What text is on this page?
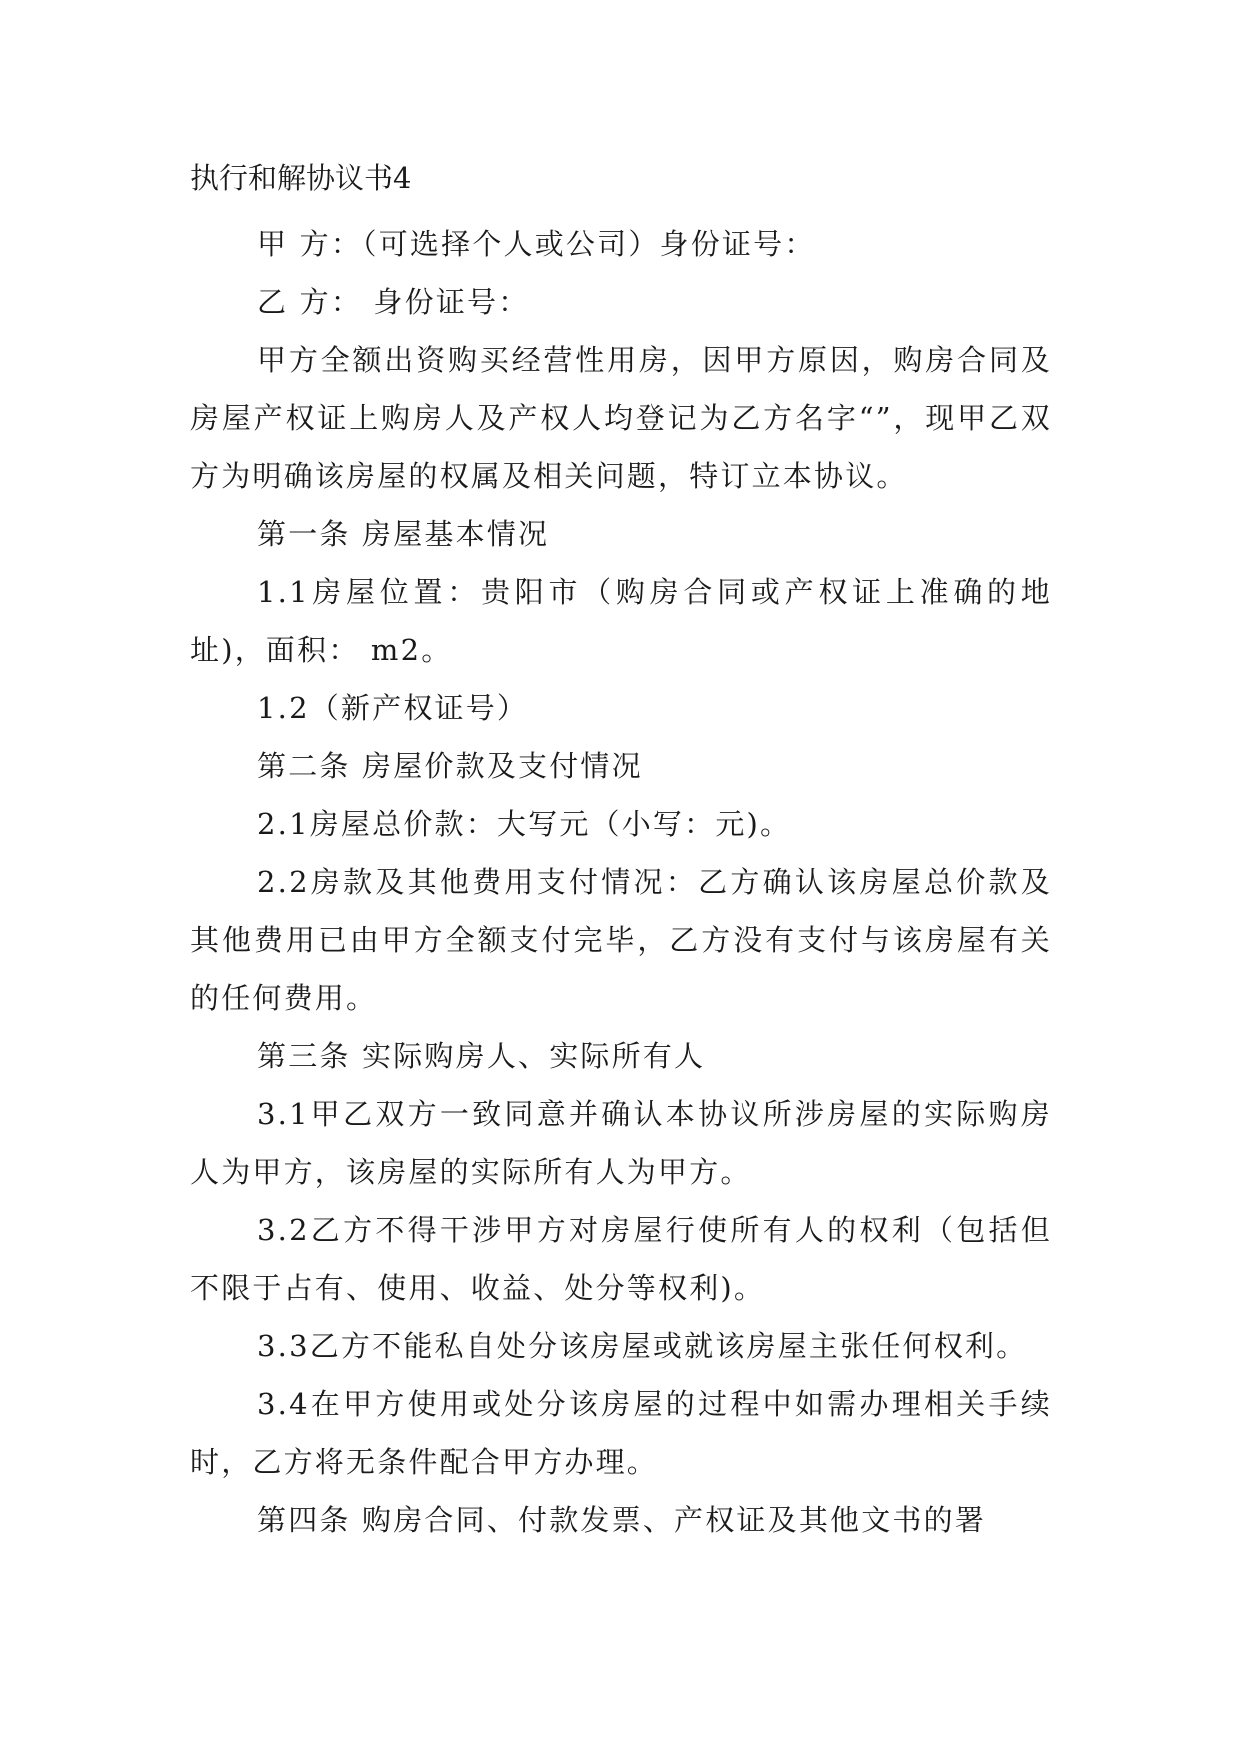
执行和解协议书4

甲 方：（可选择个人或公司）身份证号：

乙 方： 身份证号：

甲方全额出资购买经营性用房，因甲方原因，购房合同及房屋产权证上购房人及产权人均登记为乙方名字“”，现甲乙双方为明确该房屋的权属及相关问题，特订立本协议。

第一条 房屋基本情况

1.1房屋位置：贵阳市（购房合同或产权证上准确的地址)，面积： m2。

1.2（新产权证号）

第二条 房屋价款及支付情况

2.1房屋总价款：大写元（小写：元)。

2.2房款及其他费用支付情况：乙方确认该房屋总价款及其他费用已由甲方全额支付完毕，乙方没有支付与该房屋有关的任何费用。

第三条 实际购房人、实际所有人

3.1甲乙双方一致同意并确认本协议所涉房屋的实际购房人为甲方，该房屋的实际所有人为甲方。

3.2乙方不得干涉甲方对房屋行使所有人的权利（包括但不限于占有、使用、收益、处分等权利)。

3.3乙方不能私自处分该房屋或就该房屋主张任何权利。

3.4在甲方使用或处分该房屋的过程中如需办理相关手续时，乙方将无条件配合甲方办理。

第四条 购房合同、付款发票、产权证及其他文书的署
